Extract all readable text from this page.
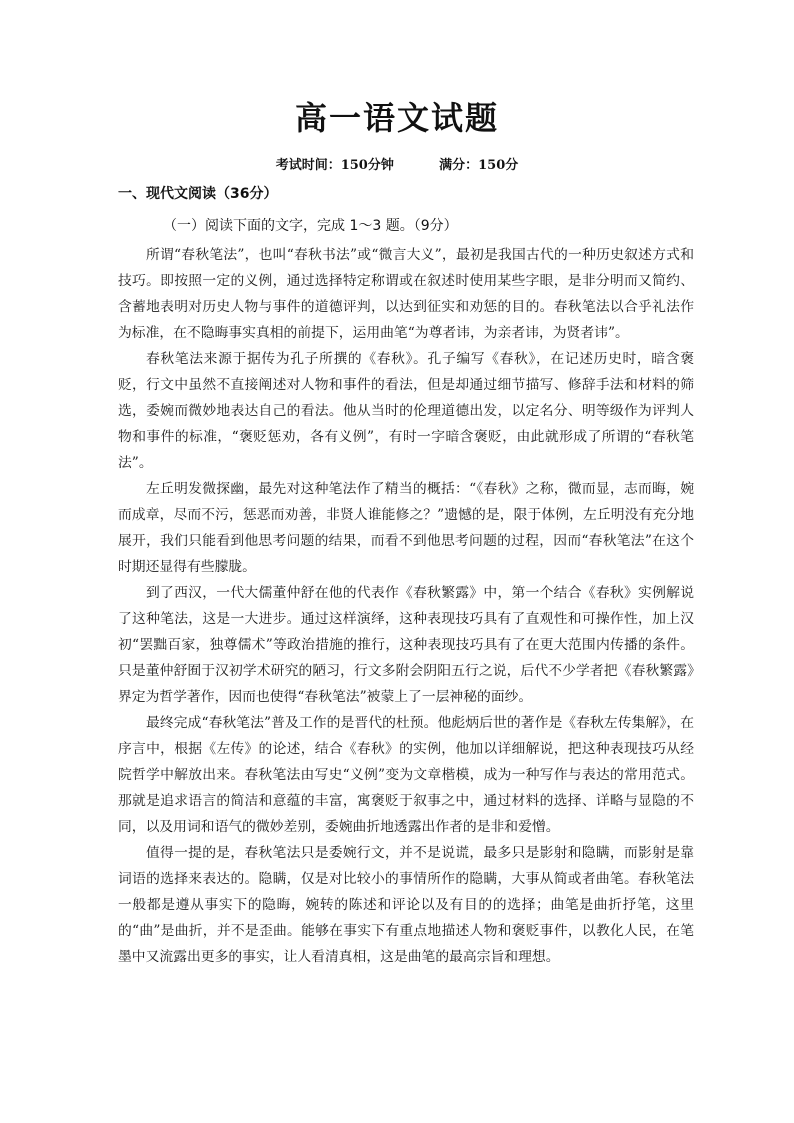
高一语文试题
考试时间：150分钟          满分：150分
一、现代文阅读（36分）
（一）阅读下面的文字，完成 1～3 题。（9分）

所谓“春秋笔法”，也叫“春秋书法”或“微言大义”，最初是我国古代的一种历史叙述方式和技巧。即按照一定的义例，通过选择特定称谓或在叙述时使用某些字眼，是非分明而又简约、含蓄地表明对历史人物与事件的道德评判，以达到征实和劝惩的目的。春秋笔法以合乎礼法作为标准，在不隐晦事实真相的前提下，运用曲笔“为尊者讳，为亲者讳，为贤者讳”。

春秋笔法来源于据传为孔子所撰的《春秋》。孔子编写《春秋》，在记述历史时，暗含褒贬，行文中虽然不直接阐述对人物和事件的看法，但是却通过细节描写、修辞手法和材料的筛选，委婉而微妙地表达自己的看法。他从当时的伦理道德出发，以定名分、明等级作为评判人物和事件的标准，“褒贬惩劝，各有义例”，有时一字暗含褒贬，由此就形成了所谓的“春秋笔法”。

左丘明发微探幽，最先对这种笔法作了精当的概括：“《春秋》之称，微而显，志而晦，婉而成章，尽而不污，惩恶而劝善，非贤人谁能修之？”遗憾的是，限于体例，左丘明没有充分地展开，我们只能看到他思考问题的结果，而看不到他思考问题的过程，因而“春秋笔法”在这个时期还显得有些朦胧。

到了西汉，一代大儒董仲舒在他的代表作《春秋繁露》中，第一个结合《春秋》实例解说了这种笔法，这是一大进步。通过这样演绎，这种表现技巧具有了直观性和可操作性，加上汉初“罢黜百家，独尊儒术”等政治措施的推行，这种表现技巧具有了在更大范围内传播的条件。只是董仲舒囿于汉初学术研究的陋习，行文多附会阴阳五行之说，后代不少学者把《春秋繁露》界定为哲学著作，因而也使得“春秋笔法”被蒙上了一层神秘的面纱。

最终完成“春秋笔法”普及工作的是晋代的杜预。他彪炳后世的著作是《春秋左传集解》，在序言中，根据《左传》的论述，结合《春秋》的实例，他加以详细解说，把这种表现技巧从经院哲学中解放出来。春秋笔法由写史“义例”变为文章楷模，成为一种写作与表达的常用范式。那就是追求语言的简洁和意蕴的丰富，寓褒贬于叙事之中，通过材料的选择、详略与显隐的不同，以及用词和语气的微妙差别，委婉曲折地透露出作者的是非和爱憎。

值得一提的是，春秋笔法只是委婉行文，并不是说谎，最多只是影射和隐瞒，而影射是靠词语的选择来表达的。隐瞒，仅是对比较小的事情所作的隐瞒，大事从简或者曲笔。春秋笔法一般都是遵从事实下的隐晦，婉转的陈述和评论以及有目的的选择；曲笔是曲折抒笔，这里的“曲”是曲折，并不是歪曲。能够在事实下有重点地描述人物和褒贬事件，以教化人民，在笔墨中又流露出更多的事实，让人看清真相，这是曲笔的最高宗旨和理想。
